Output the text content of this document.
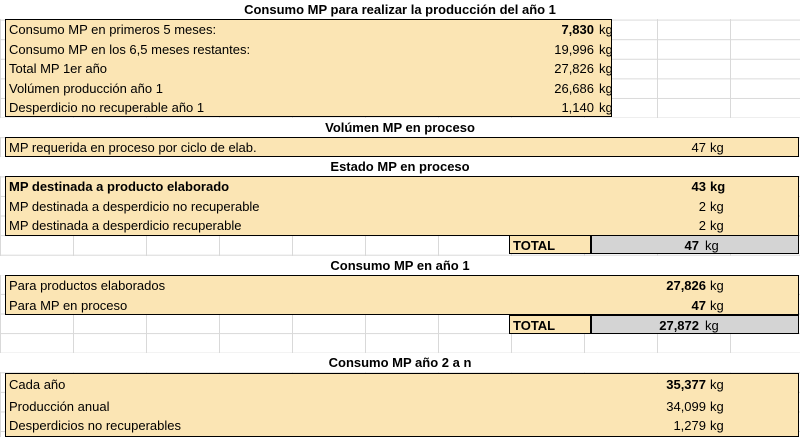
Consumo MP para realizar la producción del año 1
Consumo MP en primeros 5 meses:	7,830 kg
Consumo MP en los 6,5 meses restantes:	19,996 kg
Total MP 1er año	27,826 kg
Volúmen producción año 1	26,686 kg
Desperdicio no recuperable año 1	1,140 kg
Volúmen MP en proceso
MP requerida en proceso por ciclo de elab.	47 kg
Estado MP en proceso
MP destinada a producto elaborado	43 kg
MP destinada a desperdicio no recuperable	2 kg
MP destinada a desperdicio recuperable	2 kg
TOTAL	47 kg
Consumo MP en año 1
Para productos elaborados	27,826 kg
Para MP en proceso	47 kg
TOTAL	27,872 kg
Consumo MP año 2 a n
Cada año	35,377 kg
Producción anual	34,099 kg
Desperdicios no recuperables	1,279 kg
